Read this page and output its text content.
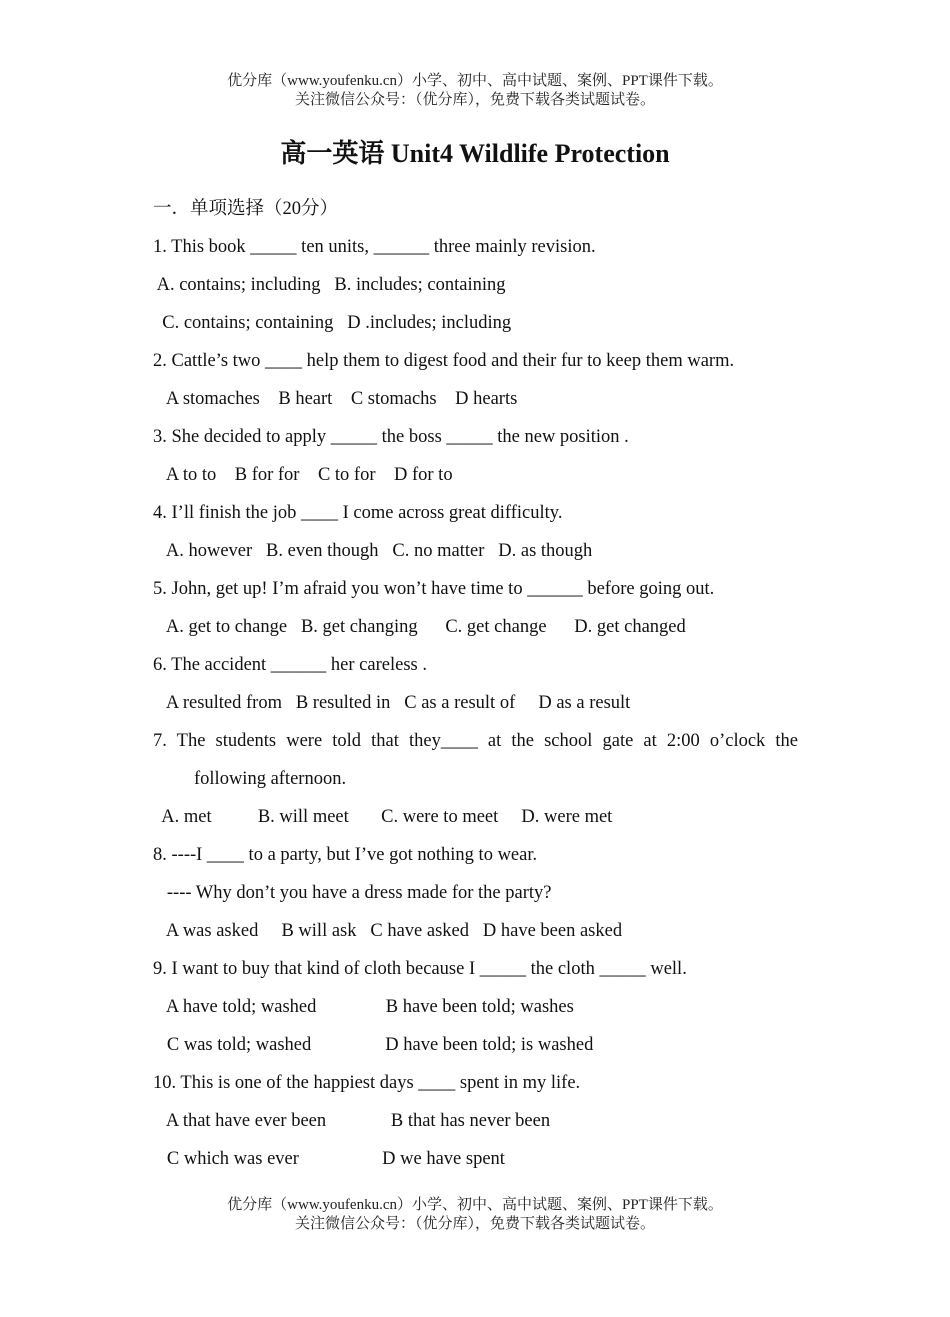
优分库（www.youfenku.cn）小学、初中、高中试题、案例、PPT课件下载。
关注微信公众号：（优分库），免费下载各类试题试卷。
高一英语 Unit4 Wildlife Protection
一．单项选择（20分）
1. This book _____ ten units, ______ three mainly revision.
A. contains; including   B. includes; containing
C. contains; containing   D .includes; including
2. Cattle’s two ____ help them to digest food and their fur to keep them warm.
A stomaches    B heart    C stomachs    D hearts
3. She decided to apply _____ the boss _____ the new position .
A to to    B for for    C to for    D for to
4. I’ll finish the job ____ I come across great difficulty.
A. however   B. even though   C. no matter   D. as though
5. John, get up! I’m afraid you won’t have time to ______ before going out.
A. get to change   B. get changing      C. get change      D. get changed
6. The accident ______ her careless .
A resulted from   B resulted in   C as a result of     D as a result
7. The students were told that they____ at the school gate at 2:00 o’clock the
following afternoon.
A. met          B. will meet       C. were to meet     D. were met
8. ----I ____ to a party, but I’ve got nothing to wear.
---- Why don’t you have a dress made for the party?
A was asked     B will ask   C have asked   D have been asked
9. I want to buy that kind of cloth because I _____ the cloth _____ well.
A have told; washed               B have been told; washes
C was told; washed                D have been told; is washed
10. This is one of the happiest days ____ spent in my life.
A that have ever been              B that has never been
C which was ever                  D we have spent
优分库（www.youfenku.cn）小学、初中、高中试题、案例、PPT课件下载。
关注微信公众号：（优分库），免费下载各类试题试卷。
